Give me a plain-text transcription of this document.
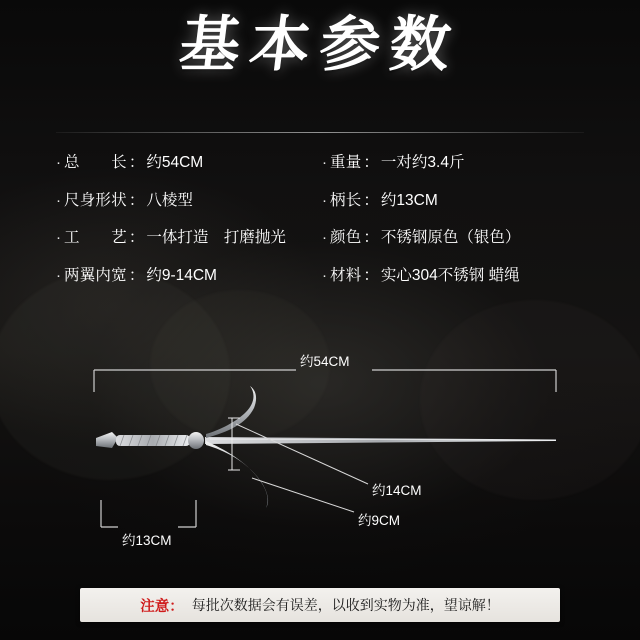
基本参数
· 总　　长 ： 约54CM
· 尺身形状 ： 八棱型
· 工　　艺 ： 一体打造　打磨抛光
· 两翼内宽 ： 约9-14CM
· 重量 ： 一对约3.4斤
· 柄长 ： 约13CM
· 颜色 ： 不锈钢原色（银色）
· 材料 ： 实心304不锈钢 蜡绳
约54CM
约13CM
约14CM
约9CM
注意： 每批次数据会有误差，以收到实物为准，望谅解！
